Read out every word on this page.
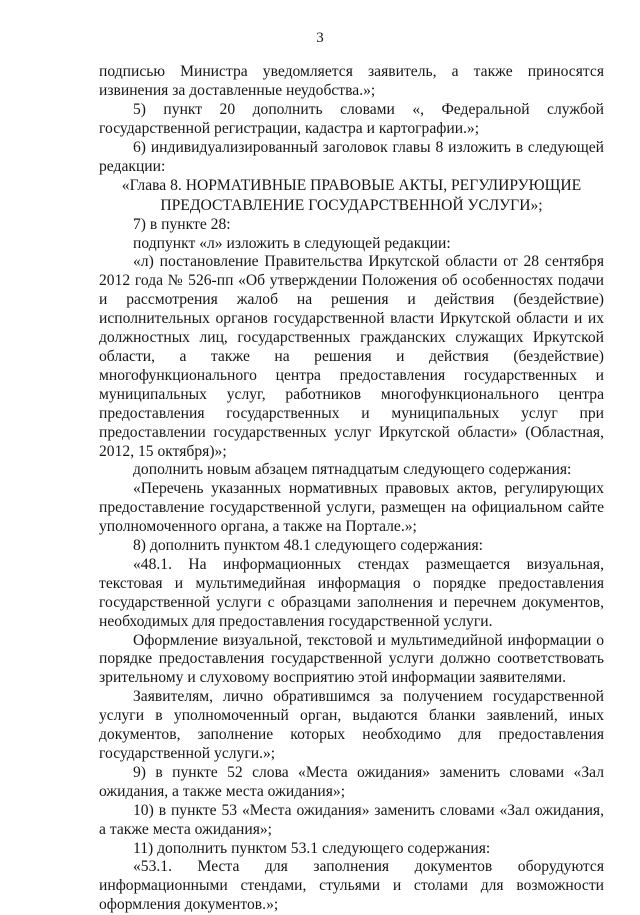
3

подписью Министра уведомляется заявитель, а также приносятся извинения за доставленные неудобства.»;

5) пункт 20 дополнить словами «, Федеральной службой государственной регистрации, кадастра и картографии.»;

6) индивидуализированный заголовок главы 8 изложить в следующей редакции:

«Глава 8. НОРМАТИВНЫЕ ПРАВОВЫЕ АКТЫ, РЕГУЛИРУЮЩИЕ ПРЕДОСТАВЛЕНИЕ ГОСУДАРСТВЕННОЙ УСЛУГИ»;

7) в пункте 28:

подпункт «л» изложить в следующей редакции:

«л) постановление Правительства Иркутской области от 28 сентября 2012 года № 526-пп «Об утверждении Положения об особенностях подачи и рассмотрения жалоб на решения и действия (бездействие) исполнительных органов государственной власти Иркутской области и их должностных лиц, государственных гражданских служащих Иркутской области, а также на решения и действия (бездействие) многофункционального центра предоставления государственных и муниципальных услуг, работников многофункционального центра предоставления государственных и муниципальных услуг при предоставлении государственных услуг Иркутской области» (Областная, 2012, 15 октября)»;

дополнить новым абзацем пятнадцатым следующего содержания:

«Перечень указанных нормативных правовых актов, регулирующих предоставление государственной услуги, размещен на официальном сайте уполномоченного органа, а также на Портале.»;

8) дополнить пунктом 48.1 следующего содержания:

«48.1. На информационных стендах размещается визуальная, текстовая и мультимедийная информация о порядке предоставления государственной услуги с образцами заполнения и перечнем документов, необходимых для предоставления государственной услуги.

Оформление визуальной, текстовой и мультимедийной информации о порядке предоставления государственной услуги должно соответствовать зрительному и слуховому восприятию этой информации заявителями.

Заявителям, лично обратившимся за получением государственной услуги в уполномоченный орган, выдаются бланки заявлений, иных документов, заполнение которых необходимо для предоставления государственной услуги.»;

9) в пункте 52 слова «Места ожидания» заменить словами «Зал ожидания, а также места ожидания»;

10) в пункте 53 «Места ожидания» заменить словами «Зал ожидания, а также места ожидания»;

11) дополнить пунктом 53.1 следующего содержания:

«53.1. Места для заполнения документов оборудуются информационными стендами, стульями и столами для возможности оформления документов.»;
